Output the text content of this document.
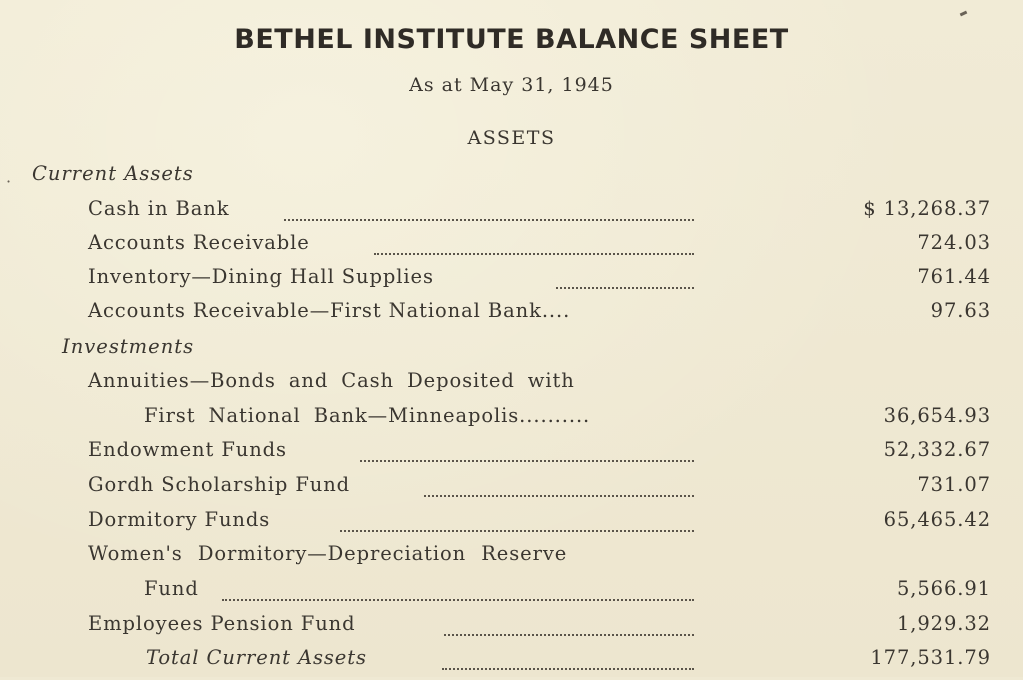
·
BETHEL INSTITUTE BALANCE SHEET
As at May 31, 1945
ASSETS
Current Assets
Cash in Bank	$ 13,268.37
Accounts Receivable	724.03
Inventory—Dining Hall Supplies	761.44
Accounts Receivable—First National Bank....	97.63
Investments
Annuities—Bonds and Cash Deposited with
First National Bank—Minneapolis..........	36,654.93
Endowment Funds	52,332.67
Gordh Scholarship Fund	731.07
Dormitory Funds	65,465.42
Women's Dormitory—Depreciation Reserve
Fund	5,566.91
Employees Pension Fund	1,929.32
Total Current Assets	177,531.79
